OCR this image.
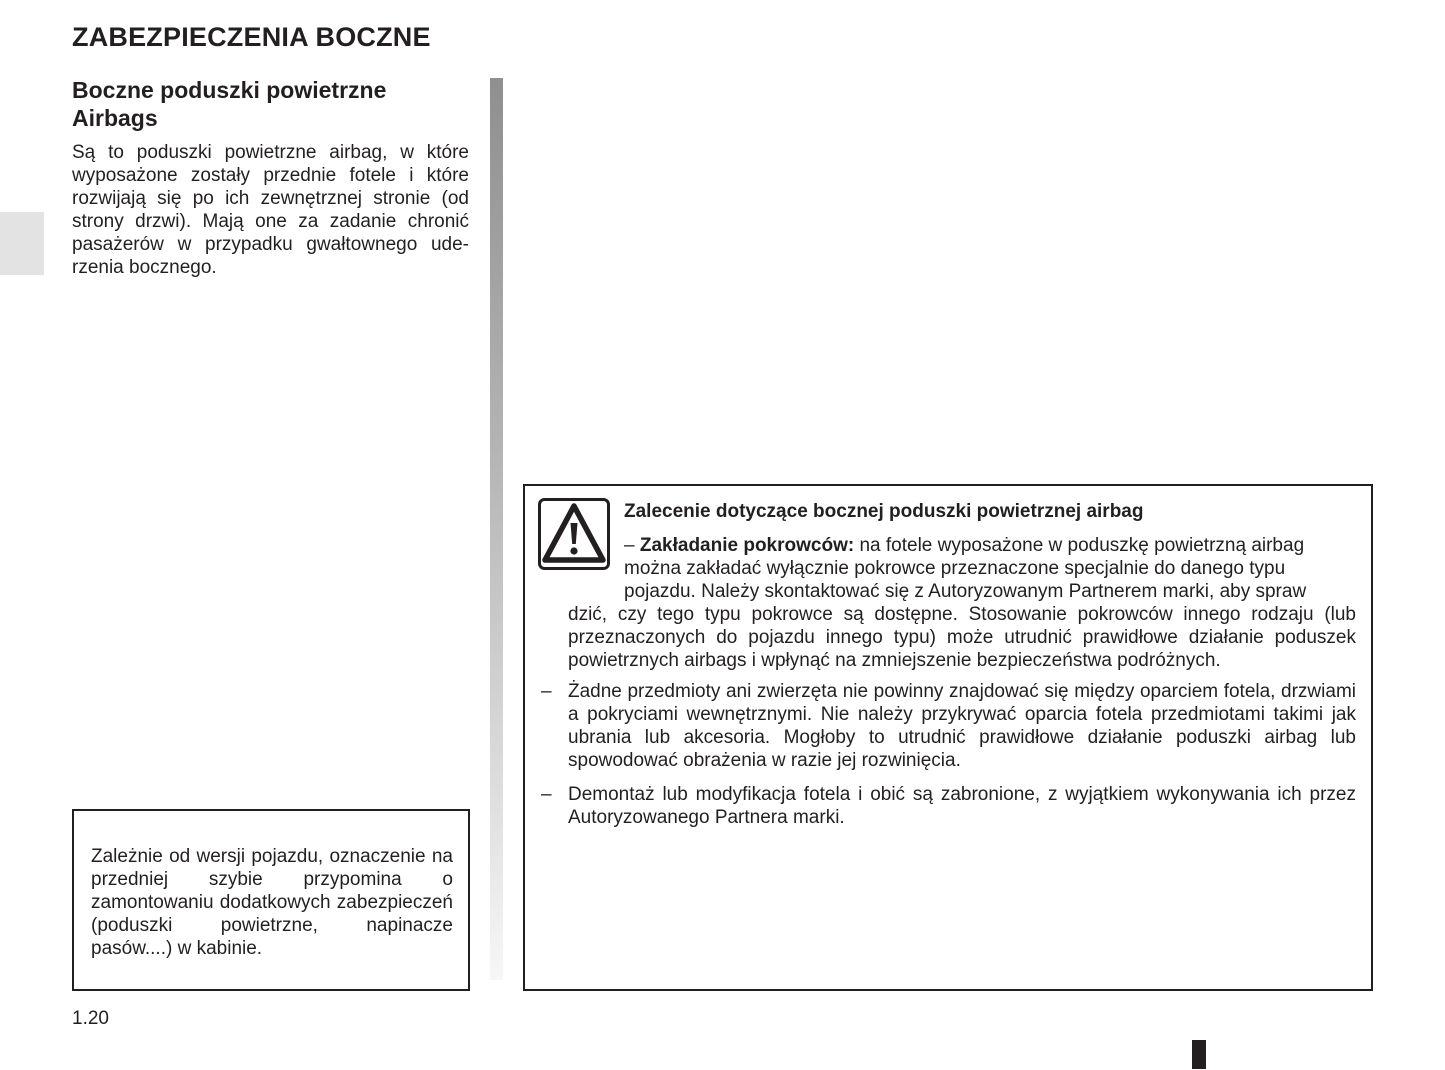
ZABEZPIECZENIA BOCZNE
Boczne poduszki powietrzne
Airbags
Są to poduszki powietrzne airbag, w które wyposażone zostały przednie fotele i które rozwijają się po ich zewnętrznej stronie (od strony drzwi). Mają one za zadanie chronić pasażerów w przypadku gwałtownego uderzenia bocznego.
Zależnie od wersji pojazdu, oznaczenie na przedniej szybie przypomina o zamontowaniu dodatkowych zabezpieczeń (poduszki powietrzne, napinacze pasów....) w kabinie.
Zalecenie dotyczące bocznej poduszki powietrznej airbag
– Zakładanie pokrowców: na fotele wyposażone w poduszkę powietrzną airbag
można zakładać wyłącznie pokrowce przeznaczone specjalnie do danego typu
pojazdu. Należy skontaktować się z Autoryzowanym Partnerem marki, aby spraw
dzić, czy tego typu pokrowce są dostępne. Stosowanie pokrowców innego rodzaju (lub przeznaczonych do pojazdu innego typu) może utrudnić prawidłowe działanie poduszek powietrznych airbags i wpłynąć na zmniejszenie bezpieczeństwa podróżnych.
– Żadne przedmioty ani zwierzęta nie powinny znajdować się między oparciem fotela, drzwiami a pokryciami wewnętrznymi. Nie należy przykrywać oparcia fotela przedmiotami takimi jak ubrania lub akcesoria. Mogłoby to utrudnić prawidłowe działanie poduszki airbag lub spowodować obrażenia w razie jej rozwinięcia.
– Demontaż lub modyfikacja fotela i obić są zabronione, z wyjątkiem wykonywania ich przez Autoryzowanego Partnera marki.
1.20
